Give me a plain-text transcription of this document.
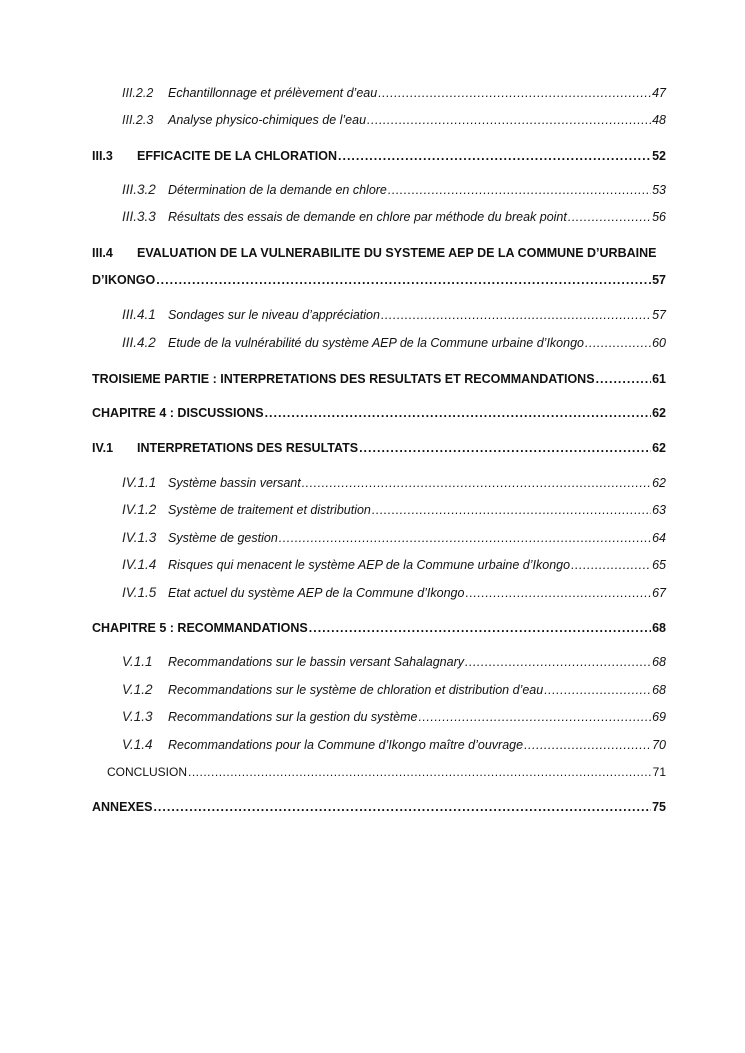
III.2.2	Echantillonnage et prélèvement d’eau .....	47
III.2.3	Analyse physico-chimiques de l’eau .....	48
III.3	EFFICACITE DE LA CHLORATION .....	52
III.3.2 Détermination de la demande en chlore .....	53
III.3.3 Résultats des essais de demande en chlore par méthode du break point .....	56
III.4	EVALUATION DE LA VULNERABILITE DU SYSTEME AEP DE LA COMMUNE D’URBAINE
D’IKONGO .....	57
III.4.1 Sondages sur le niveau d’appréciation .....	57
III.4.2 Etude de la vulnérabilité du système AEP de la Commune urbaine d’Ikongo .....	60
TROISIEME PARTIE : INTERPRETATIONS DES RESULTATS ET RECOMMANDATIONS .....	61
CHAPITRE 4 : DISCUSSIONS .....	62
IV.1	INTERPRETATIONS DES RESULTATS .....	62
IV.1.1 Système bassin versant .....	62
IV.1.2 Système de traitement et distribution .....	63
IV.1.3 Système de gestion .....	64
IV.1.4 Risques qui menacent le système AEP de la Commune urbaine d’Ikongo .....	65
IV.1.5 Etat actuel du système AEP de la Commune d’Ikongo .....	67
CHAPITRE 5 : RECOMMANDATIONS .....	68
V.1.1	Recommandations sur le bassin versant Sahalagnary .....	68
V.1.2	Recommandations sur le système de chloration et distribution d’eau .....	68
V.1.3	Recommandations sur la gestion du système .....	69
V.1.4	Recommandations pour la Commune d’Ikongo maître d’ouvrage .....	70
CONCLUSION .....	71
ANNEXES .....	75
